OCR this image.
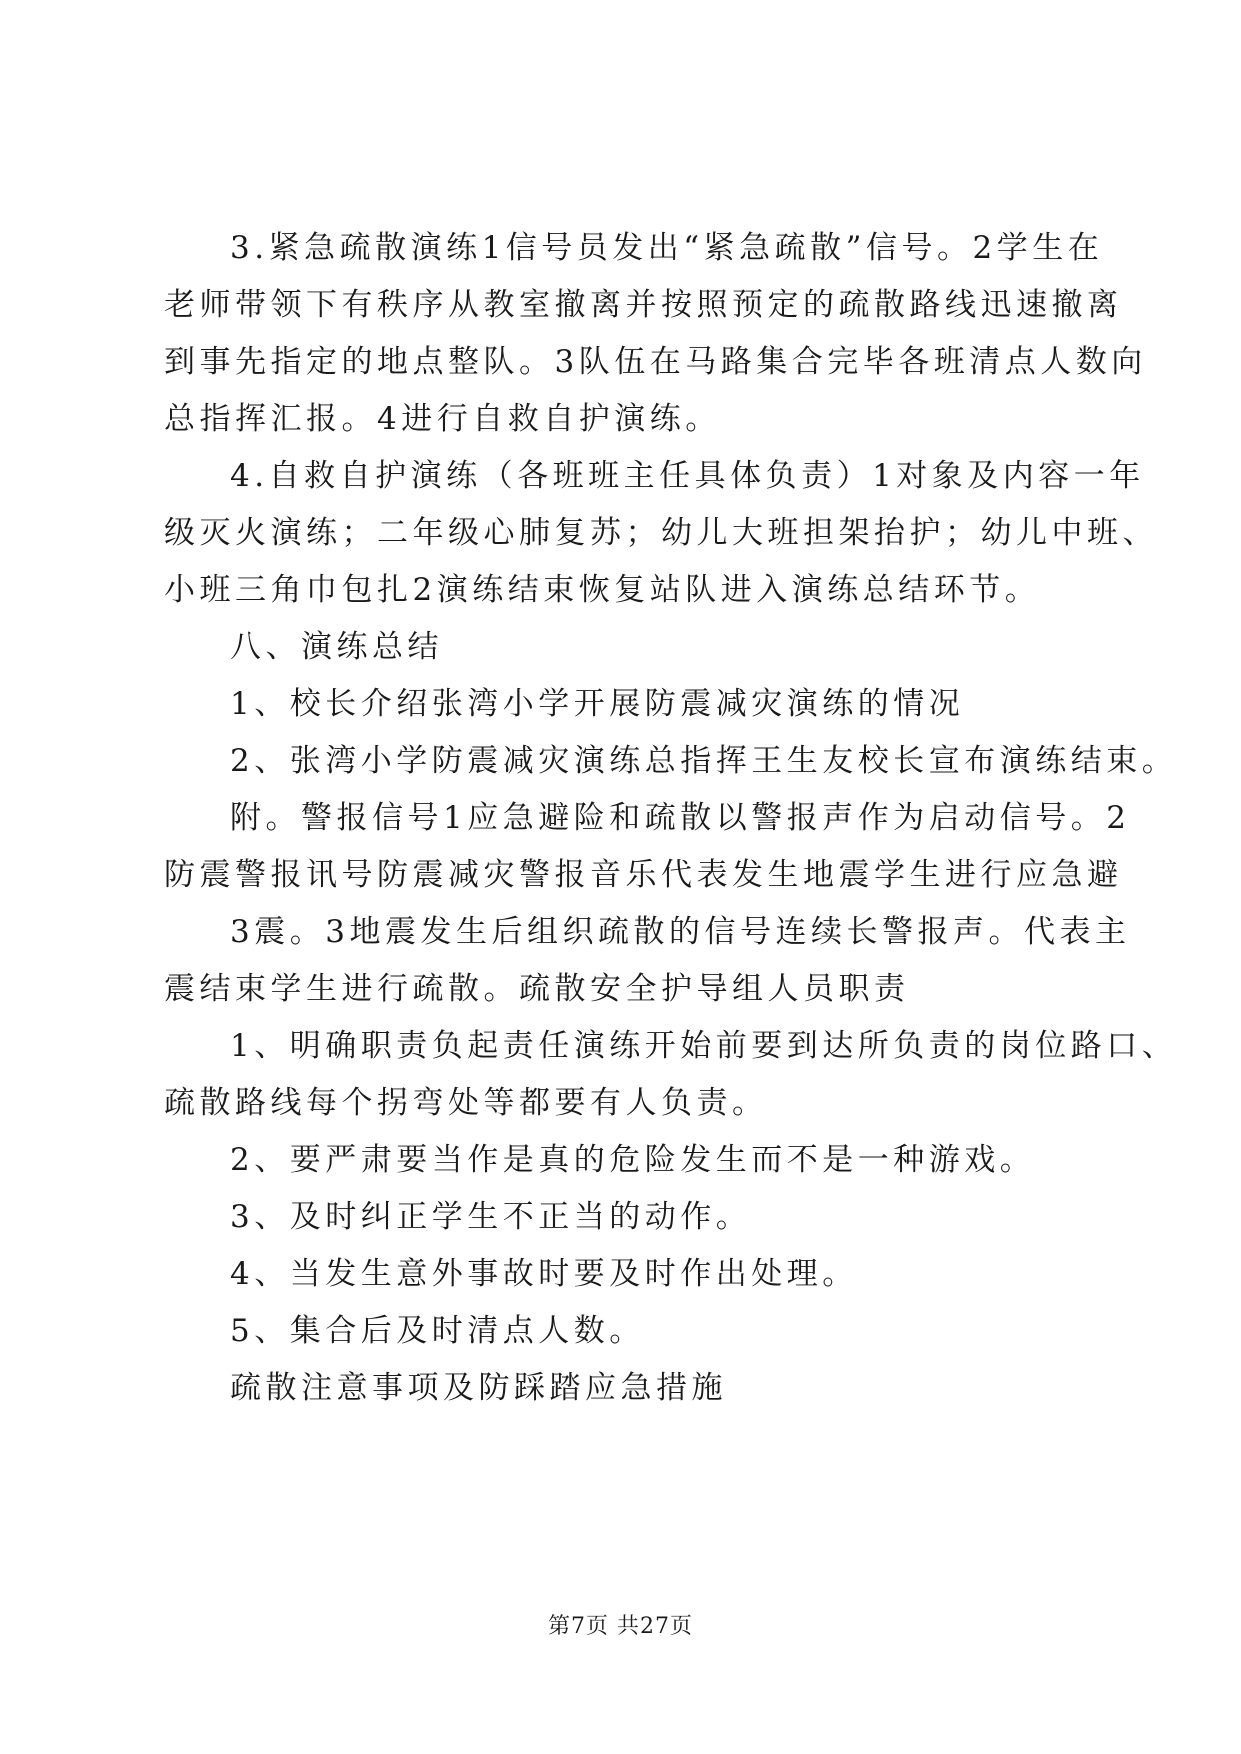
3.紧急疏散演练1信号员发出“紧急疏散”信号。2学生在
老师带领下有秩序从教室撤离并按照预定的疏散路线迅速撤离
到事先指定的地点整队。3队伍在马路集合完毕各班清点人数向
总指挥汇报。4进行自救自护演练。
4.自救自护演练（各班班主任具体负责）1对象及内容一年
级灭火演练；二年级心肺复苏；幼儿大班担架抬护；幼儿中班、
小班三角巾包扎2演练结束恢复站队进入演练总结环节。
八、演练总结
1、校长介绍张湾小学开展防震减灾演练的情况
2、张湾小学防震减灾演练总指挥王生友校长宣布演练结束。
附。警报信号1应急避险和疏散以警报声作为启动信号。2
防震警报讯号防震减灾警报音乐代表发生地震学生进行应急避
3震。3地震发生后组织疏散的信号连续长警报声。代表主
震结束学生进行疏散。疏散安全护导组人员职责
1、明确职责负起责任演练开始前要到达所负责的岗位路口、
疏散路线每个拐弯处等都要有人负责。
2、要严肃要当作是真的危险发生而不是一种游戏。
3、及时纠正学生不正当的动作。
4、当发生意外事故时要及时作出处理。
5、集合后及时清点人数。
疏散注意事项及防踩踏应急措施
第7页 共27页
